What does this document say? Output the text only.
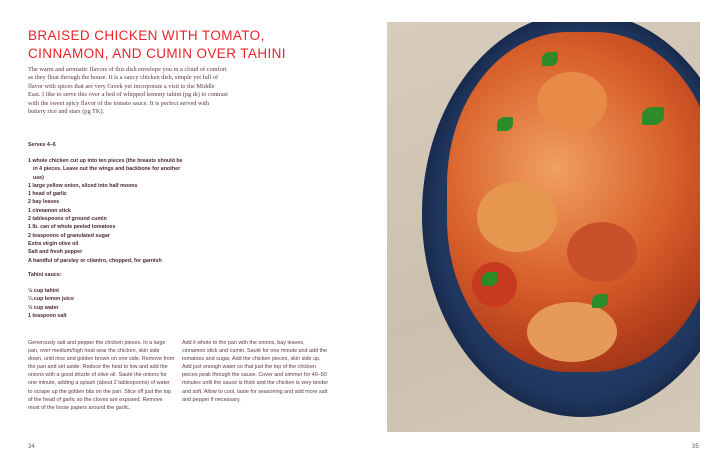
BRAISED CHICKEN WITH TOMATO,
CINNAMON, AND CUMIN OVER TAHINI

The warm and aromatic flavors of this dish envelope you in a cloud of comfort as they float through the house. It is a saucy chicken dish, simple yet full of flavor with spices that are very Greek yet incorporate a visit to the Middle East. I like to serve this over a bed of whipped lemony tahini (pg tk) to contrast with the sweet spicy flavor of the tomato sauce. It is perfect served with buttery rice and stars (pg TK).

Serves 4–6
1 whole chicken cut up into ten pieces (the breasts should be in 4 pieces. Leave out the wings and backbone for another use)
1 large yellow onion, sliced into half moons
1 head of garlic
2 bay leaves
1 cinnamon stick
2 tablespoons of ground cumin
1 lb. can of whole peeled tomatoes
2 teaspoons of granulated sugar
Extra virgin olive oil
Salt and fresh pepper
A handful of parsley or cilantro, chopped, for garnish
Tahini sauce:
½ cup tahini
¼ cup lemon juice
⅓ cup water
1 teaspoon salt
Generously salt and pepper the chicken pieces. In a large pan, over medium/high heat sear the chicken, skin side down, until nice and golden brown on one side. Remove from the pan and set aside. Reduce the heat to low and add the onions with a good drizzle of olive oil. Sauté the onions for one minute, adding a splash (about 2 tablespoons) of water to scrape up the golden bits on the pan. Slice off just the top of the head of garlic so the cloves are exposed. Remove most of the loose papers around the garlic.
Add it whole to the pan with the onions, bay leaves, cinnamon stick and cumin. Sauté for one minute and add the tomatoes and sugar. Add the chicken pieces, skin side up. Add just enough water so that just the top of the chicken pieces peak through the sauce. Cover and simmer for 40–50 minutes until the sauce is thick and the chicken is very tender and soft. Allow to cool, taste for seasoning and add more salt and pepper if necessary.
34	35
